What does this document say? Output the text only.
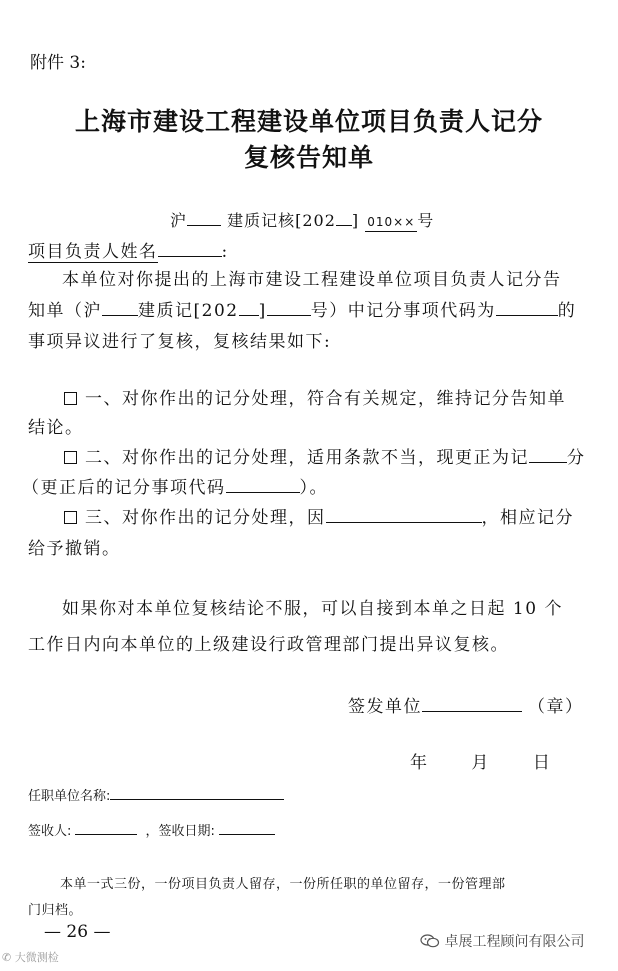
附件 3:
上海市建设工程建设单位项目负责人记分
复核告知单
沪	建质记核[202 ] 010×× 号
项目负责人姓名	:
本单位对你提出的上海市建设工程建设单位项目负责人记分告
知单（沪 建质记[202 ]	号）中记分事项代码为	的
事项异议进行了复核，复核结果如下:
一、对你作出的记分处理，符合有关规定，维持记分告知单
结论。
二、对你作出的记分处理，适用条款不当，现更正为记 分
（更正后的记分事项代码	）。
三、对你作出的记分处理，因	，相应记分
给予撤销。
如果你对本单位复核结论不服，可以自接到本单之日起 10 个
工作日内向本单位的上级建设行政管理部门提出异议复核。
签发单位	（章）
年	月	日
任职单位名称:
签收人:	，签收日期:
本单一式三份，一份项目负责人留存，一份所任职的单位留存，一份管理部
门归档。
— 26 —	卓展工程顾问有限公司
✆ 大微测检
